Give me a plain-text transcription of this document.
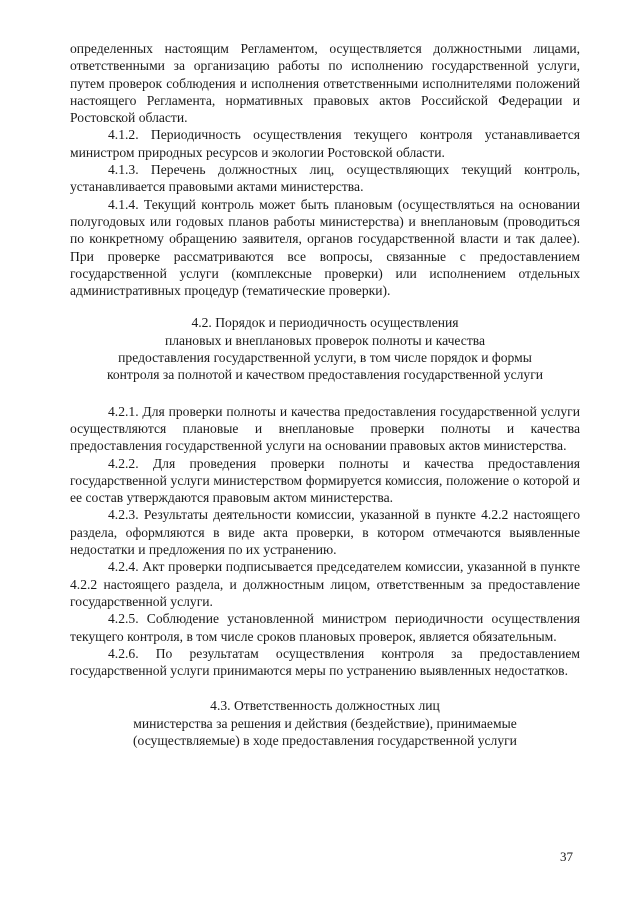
определенных настоящим Регламентом, осуществляется должностными лицами, ответственными за организацию работы по исполнению государственной услуги, путем проверок соблюдения и исполнения ответственными исполнителями положений настоящего Регламента, нормативных правовых актов Российской Федерации и Ростовской области.

4.1.2. Периодичность осуществления текущего контроля устанавливается министром природных ресурсов и экологии Ростовской области.

4.1.3. Перечень должностных лиц, осуществляющих текущий контроль, устанавливается правовыми актами министерства.

4.1.4. Текущий контроль может быть плановым (осуществляться на основании полугодовых или годовых планов работы министерства) и внеплановым (проводиться по конкретному обращению заявителя, органов государственной власти и так далее). При проверке рассматриваются все вопросы, связанные с предоставлением государственной услуги (комплексные проверки) или исполнением отдельных административных процедур (тематические проверки).

4.2. Порядок и периодичность осуществления

плановых и внеплановых проверок полноты и качества

предоставления государственной услуги, в том числе порядок и формы

контроля за полнотой и качеством предоставления государственной услуги

4.2.1. Для проверки полноты и качества предоставления государственной услуги осуществляются плановые и внеплановые проверки полноты и качества предоставления государственной услуги на основании правовых актов министерства.

4.2.2. Для проведения проверки полноты и качества предоставления государственной услуги министерством формируется комиссия, положение о которой и ее состав утверждаются правовым актом министерства.

4.2.3. Результаты деятельности комиссии, указанной в пункте 4.2.2 настоящего раздела, оформляются в виде акта проверки, в котором отмечаются выявленные недостатки и предложения по их устранению.

4.2.4. Акт проверки подписывается председателем комиссии, указанной в пункте 4.2.2 настоящего раздела, и должностным лицом, ответственным за предоставление государственной услуги.

4.2.5. Соблюдение установленной министром периодичности осуществления текущего контроля, в том числе сроков плановых проверок, является обязательным.

4.2.6. По результатам осуществления контроля за предоставлением государственной услуги принимаются меры по устранению выявленных недостатков.

4.3. Ответственность должностных лиц

министерства за решения и действия (бездействие), принимаемые

(осуществляемые) в ходе предоставления государственной услуги

37
